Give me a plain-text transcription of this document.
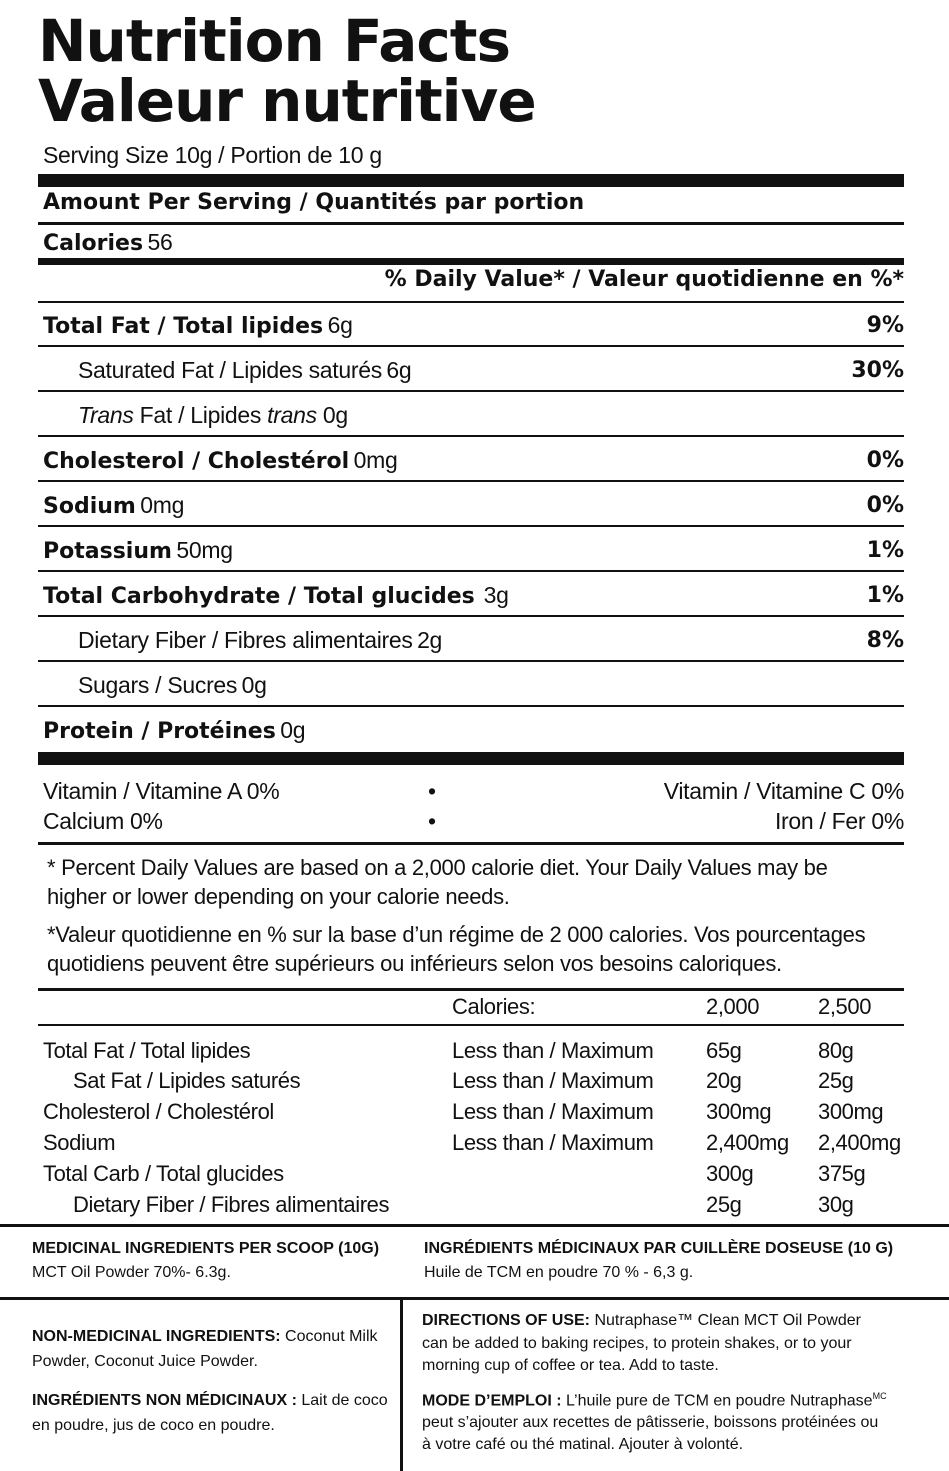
Nutrition Facts
Valeur nutritive
Serving Size 10g / Portion de 10 g
Amount Per Serving / Quantités par portion
Calories 56
% Daily Value* / Valeur quotidienne en %*
Total Fat / Total lipides 6g	9%
Saturated Fat / Lipides saturés 6g	30%
Trans Fat / Lipides trans 0g
Cholesterol / Cholestérol 0mg	0%
Sodium 0mg	0%
Potassium 50mg	1%
Total Carbohydrate / Total glucides 3g	1%
Dietary Fiber / Fibres alimentaires 2g	8%
Sugars / Sucres 0g
Protein / Protéines 0g
Vitamin / Vitamine A 0%	•	Vitamin / Vitamine C 0%
Calcium 0%	•	Iron / Fer 0%
* Percent Daily Values are based on a 2,000 calorie diet. Your Daily Values may be
higher or lower depending on your calorie needs.
*Valeur quotidienne en % sur la base d’un régime de 2 000 calories. Vos pourcentages
quotidiens peuvent être supérieurs ou inférieurs selon vos besoins caloriques.
Calories:	2,000	2,500
Total Fat / Total lipides	Less than / Maximum 65g	80g
Sat Fat / Lipides saturés	Less than / Maximum 20g	25g
Cholesterol / Cholestérol	Less than / Maximum 300mg 300mg
Sodium	Less than / Maximum 2,400mg 2,400mg
Total Carb / Total glucides	300g	375g
Dietary Fiber / Fibres alimentaires	25g	30g
MEDICINAL INGREDIENTS PER SCOOP (10G)
MCT Oil Powder 70%- 6.3g.
INGRÉDIENTS MÉDICINAUX PAR CUILLÈRE DOSEUSE (10 G)
Huile de TCM en poudre 70 % - 6,3 g.
NON-MEDICINAL INGREDIENTS: Coconut Milk
Powder, Coconut Juice Powder.
INGRÉDIENTS NON MÉDICINAUX : Lait de coco
en poudre, jus de coco en poudre.
DIRECTIONS OF USE: Nutraphase™ Clean MCT Oil Powder
can be added to baking recipes, to protein shakes, or to your
morning cup of coffee or tea. Add to taste.
MODE D’EMPLOI : L’huile pure de TCM en poudre Nutraphase$^{MC}$
peut s’ajouter aux recettes de pâtisserie, boissons protéinées ou
à votre café ou thé matinal. Ajouter à volonté.
